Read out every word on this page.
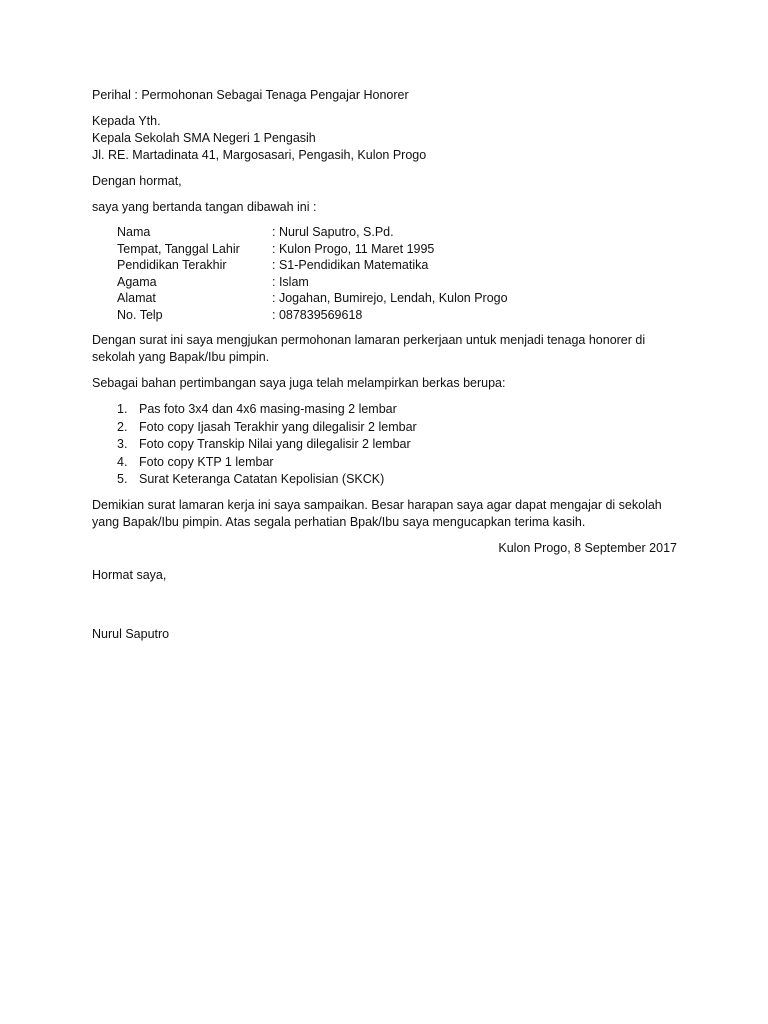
Perihal : Permohonan Sebagai Tenaga Pengajar Honorer

Kepada Yth.

Kepala Sekolah SMA Negeri 1 Pengasih

Jl. RE. Martadinata 41, Margosasari, Pengasih, Kulon Progo

Dengan hormat,

saya yang bertanda tangan dibawah ini :

Nama	: Nurul Saputro, S.Pd.
Tempat, Tanggal Lahir	: Kulon Progo, 11 Maret 1995
Pendidikan Terakhir	: S1-Pendidikan Matematika
Agama	: Islam
Alamat	: Jogahan, Bumirejo, Lendah, Kulon Progo
No. Telp	: 087839569618

Dengan surat ini saya mengjukan permohonan lamaran perkerjaan untuk menjadi tenaga honorer di sekolah yang Bapak/Ibu pimpin.

Sebagai bahan pertimbangan saya juga telah melampirkan berkas berupa:

1. Pas foto 3x4 dan 4x6 masing-masing 2 lembar
2. Foto copy Ijasah Terakhir yang dilegalisir 2 lembar
3. Foto copy Transkip Nilai yang dilegalisir 2 lembar
4. Foto copy KTP 1 lembar
5. Surat Keteranga Catatan Kepolisian (SKCK)

Demikian surat lamaran kerja ini saya sampaikan. Besar harapan saya agar dapat mengajar di sekolah yang Bapak/Ibu pimpin. Atas segala perhatian Bpak/Ibu saya mengucapkan terima kasih.

Kulon Progo, 8 September 2017

Hormat saya,

Nurul Saputro
